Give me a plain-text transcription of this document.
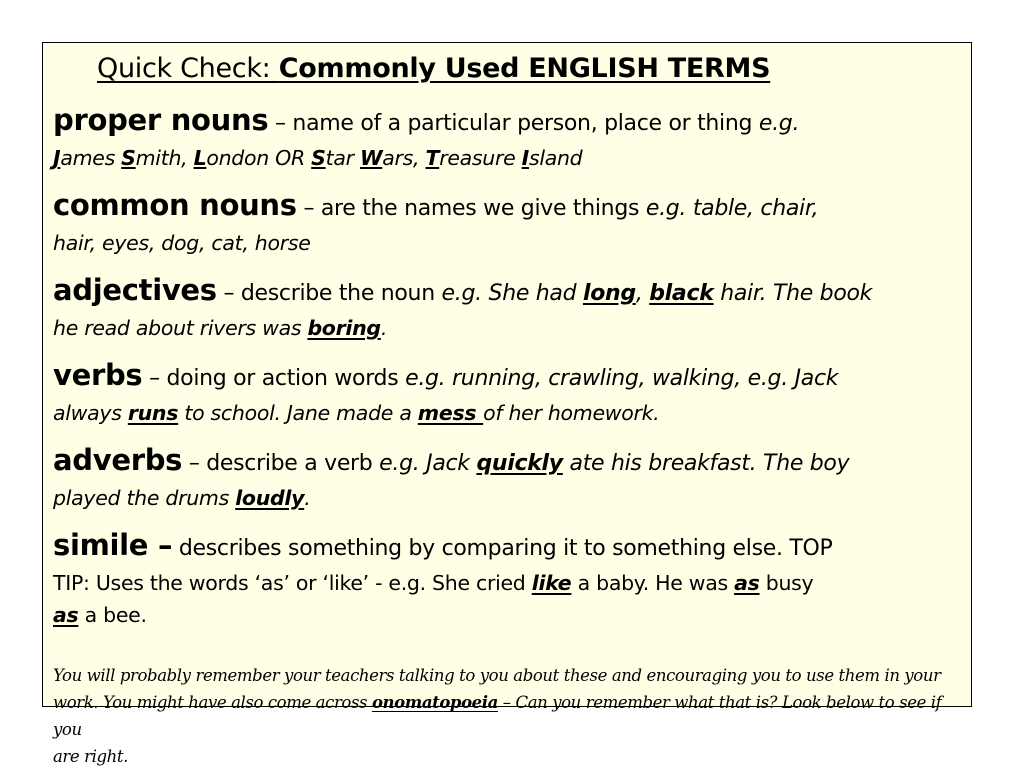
Quick Check: Commonly Used ENGLISH TERMS
proper nouns – name of a particular person, place or thing e.g.
James Smith, London OR Star Wars, Treasure Island
common nouns – are the names we give things e.g. table, chair,
hair, eyes, dog, cat, horse
adjectives – describe the noun e.g. She had long, black hair. The book
he read about rivers was boring.
verbs – doing or action words e.g. running, crawling, walking, e.g. Jack
always runs to school. Jane made a mess of her homework.
adverbs – describe a verb e.g. Jack quickly ate his breakfast. The boy
played the drums loudly.
simile – describes something by comparing it to something else. TOP
TIP: Uses the words ‘as’ or ‘like’ - e.g. She cried like a baby. He was as busy
as a bee.
You will probably remember your teachers talking to you about these and encouraging you to use them in your
work. You might have also come across onomatopoeia – Can you remember what that is? Look below to see if you
are right.
